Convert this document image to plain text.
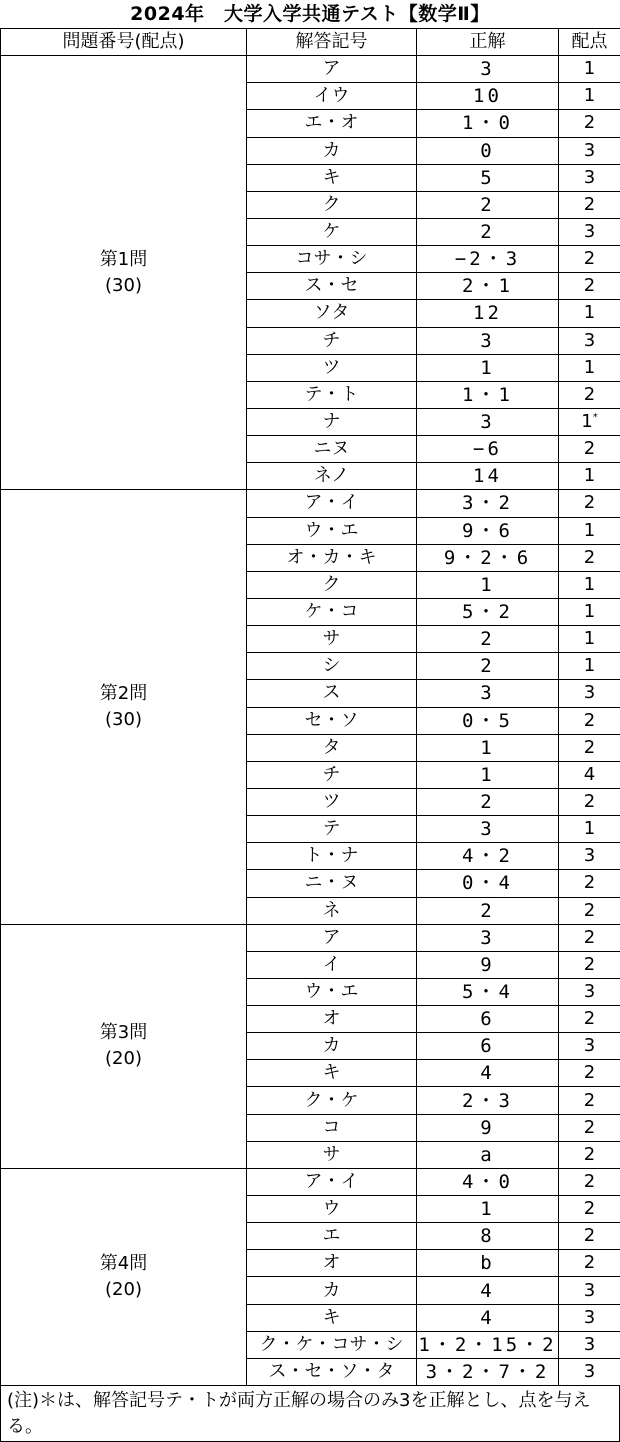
2024年　大学入学共通テスト【数学Ⅱ】
問題番号(配点)	解答記号	正解	配点

第1問
(30)	ア	3	1
	イウ	10	1
	エ・オ	1・0	2
	カ	0	3
	キ	5	3
	ク	2	2
	ケ	2	3
	コサ・シ	−2・3	2
	ス・セ	2・1	2
	ソタ	12	1
	チ	3	3
	ツ	1	1
	テ・ト	1・1	2
	ナ	3	1*
	ニヌ	−6	2
	ネノ	14	1

第2問
(30)	ア・イ	3・2	2
	ウ・エ	9・6	1
	オ・カ・キ	9・2・6	2
	ク	1	1
	ケ・コ	5・2	1
	サ	2	1
	シ	2	1
	ス	3	3
	セ・ソ	0・5	2
	タ	1	2
	チ	1	4
	ツ	2	2
	テ	3	1
	ト・ナ	4・2	3
	ニ・ヌ	0・4	2
	ネ	2	2

第3問
(20)	ア	3	2
	イ	9	2
	ウ・エ	5・4	3
	オ	6	2
	カ	6	3
	キ	4	2
	ク・ケ	2・3	2
	コ	9	2
	サ	a	2

第4問
(20)	ア・イ	4・0	2
	ウ	1	2
	エ	8	2
	オ	b	2
	カ	4	3
	キ	4	3
	ク・ケ・コサ・シ	1・2・15・2	3
	ス・セ・ソ・タ	3・2・7・2	3
(注)＊は、解答記号テ・トが両方正解の場合のみ3を正解とし、点を与える。
